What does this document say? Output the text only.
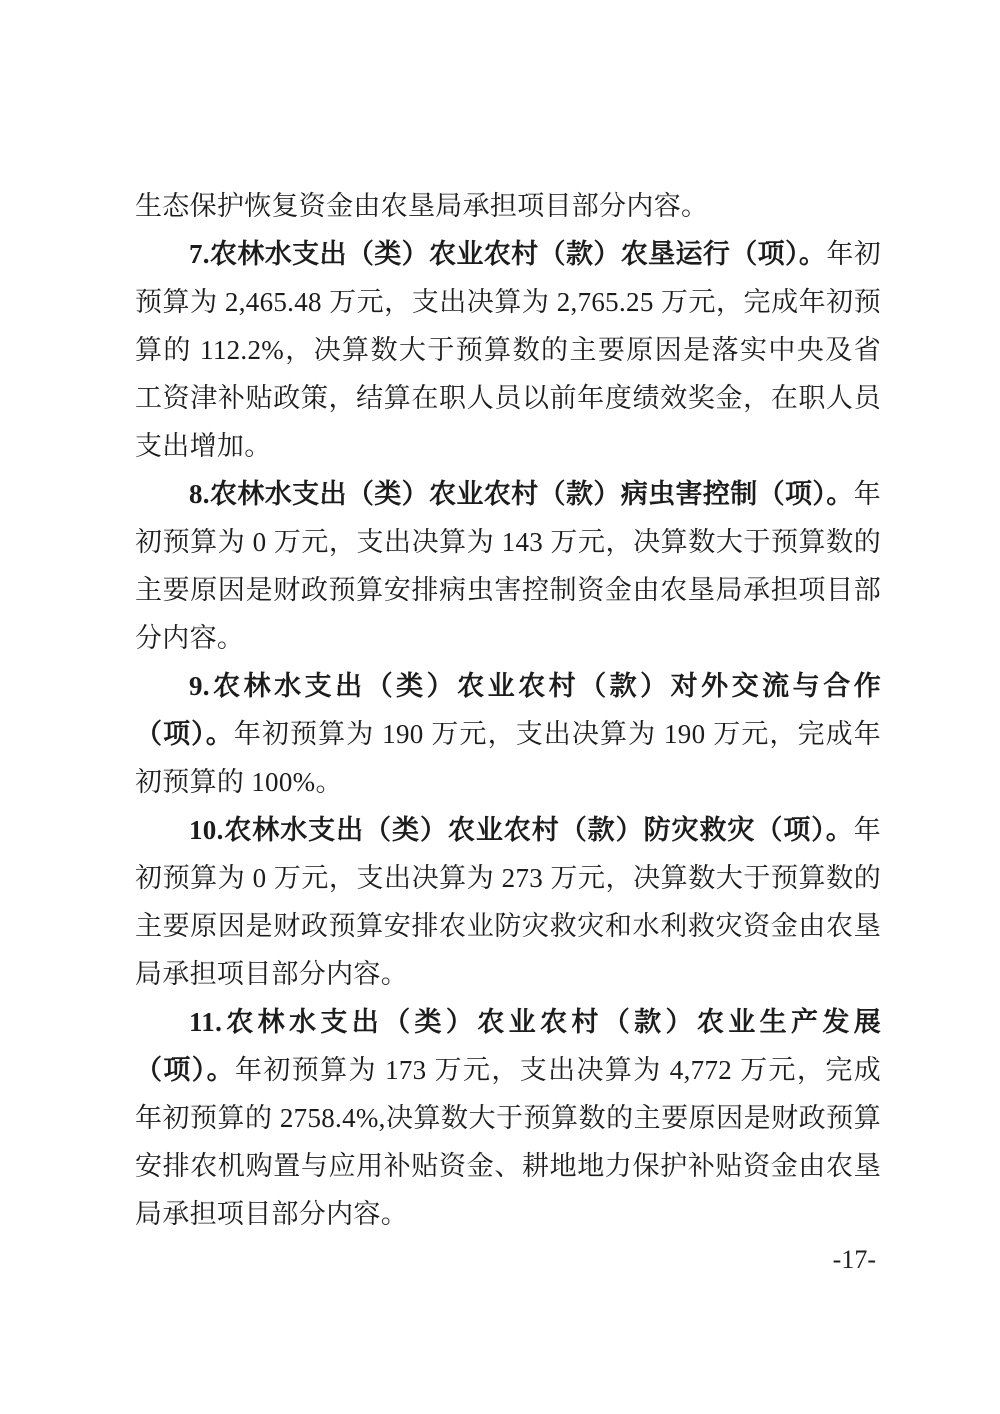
生态保护恢复资金由农垦局承担项目部分内容。

7.农林水支出（类）农业农村（款）农垦运行（项）。年初预算为 2,465.48 万元，支出决算为 2,765.25 万元，完成年初预算的 112.2%，决算数大于预算数的主要原因是落实中央及省工资津补贴政策，结算在职人员以前年度绩效奖金，在职人员支出增加。

8.农林水支出（类）农业农村（款）病虫害控制（项）。年初预算为 0 万元，支出决算为 143 万元，决算数大于预算数的主要原因是财政预算安排病虫害控制资金由农垦局承担项目部分内容。

9.农林水支出（类）农业农村（款）对外交流与合作（项）。年初预算为 190 万元，支出决算为 190 万元，完成年初预算的 100%。

10.农林水支出（类）农业农村（款）防灾救灾（项）。年初预算为 0 万元，支出决算为 273 万元，决算数大于预算数的主要原因是财政预算安排农业防灾救灾和水利救灾资金由农垦局承担项目部分内容。

11.农林水支出（类）农业农村（款）农业生产发展（项）。年初预算为 173 万元，支出决算为 4,772 万元，完成年初预算的 2758.4%,决算数大于预算数的主要原因是财政预算安排农机购置与应用补贴资金、耕地地力保护补贴资金由农垦局承担项目部分内容。

-17-
